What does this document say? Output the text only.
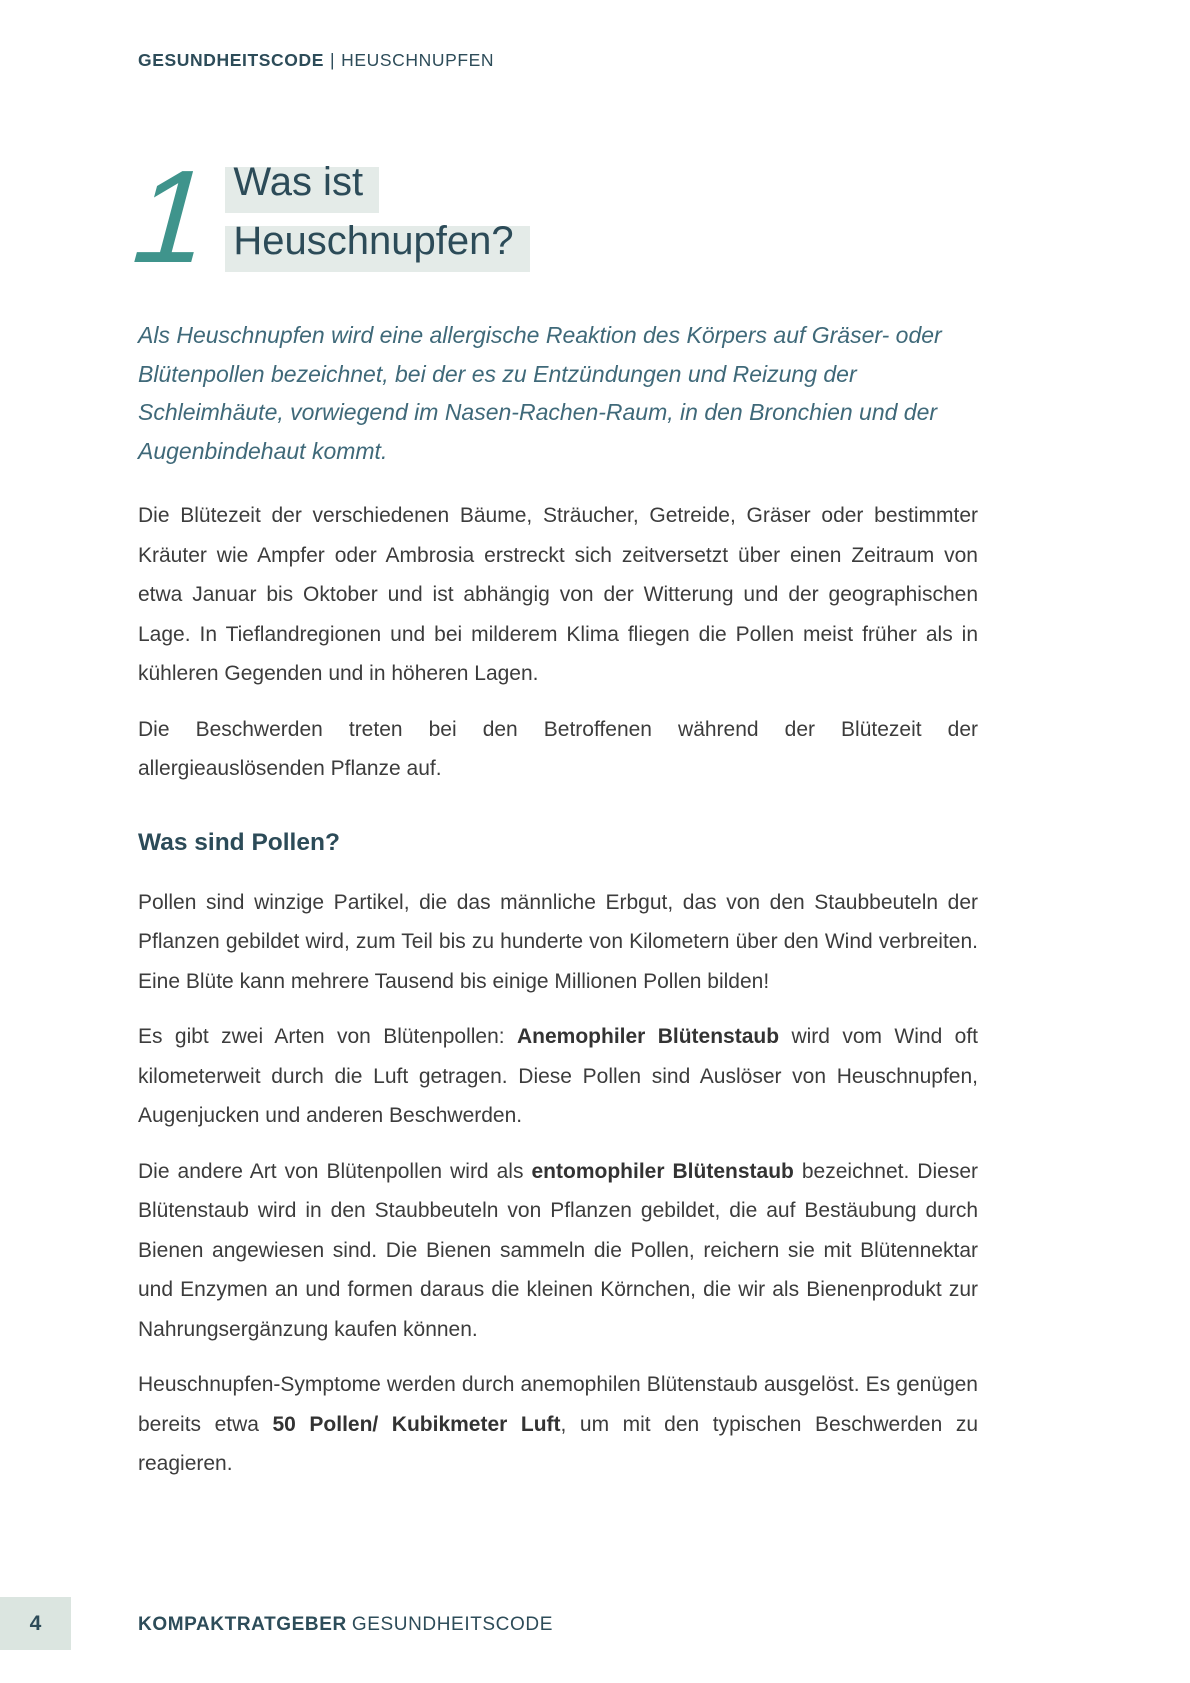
GESUNDHEITSCODE | HEUSCHNUPFEN
1 Was ist
Heuschnupfen?

Als Heuschnupfen wird eine allergische Reaktion des Körpers auf Gräser- oder Blütenpollen bezeichnet, bei der es zu Entzündungen und Reizung der Schleimhäute, vorwiegend im Nasen-Rachen-Raum, in den Bronchien und der Augenbindehaut kommt.

Die Blütezeit der verschiedenen Bäume, Sträucher, Getreide, Gräser oder bestimmter Kräuter wie Ampfer oder Ambrosia erstreckt sich zeitversetzt über einen Zeitraum von etwa Januar bis Oktober und ist abhängig von der Witterung und der geographischen Lage. In Tieflandregionen und bei milderem Klima fliegen die Pollen meist früher als in kühleren Gegenden und in höheren Lagen.

Die Beschwerden treten bei den Betroffenen während der Blütezeit der allergieauslösenden Pflanze auf.

Was sind Pollen?

Pollen sind winzige Partikel, die das männliche Erbgut, das von den Staubbeuteln der Pflanzen gebildet wird, zum Teil bis zu hunderte von Kilometern über den Wind verbreiten. Eine Blüte kann mehrere Tausend bis einige Millionen Pollen bilden!

Es gibt zwei Arten von Blütenpollen: Anemophiler Blütenstaub wird vom Wind oft kilometerweit durch die Luft getragen. Diese Pollen sind Auslöser von Heuschnupfen, Augenjucken und anderen Beschwerden.

Die andere Art von Blütenpollen wird als entomophiler Blütenstaub bezeichnet. Dieser Blütenstaub wird in den Staubbeuteln von Pflanzen gebildet, die auf Bestäubung durch Bienen angewiesen sind. Die Bienen sammeln die Pollen, reichern sie mit Blütennektar und Enzymen an und formen daraus die kleinen Körnchen, die wir als Bienenprodukt zur Nahrungsergänzung kaufen können.

Heuschnupfen-Symptome werden durch anemophilen Blütenstaub ausgelöst. Es genügen bereits etwa 50 Pollen/ Kubikmeter Luft, um mit den typischen Beschwerden zu reagieren.

4	KOMPAKTRATGEBER GESUNDHEITSCODE
